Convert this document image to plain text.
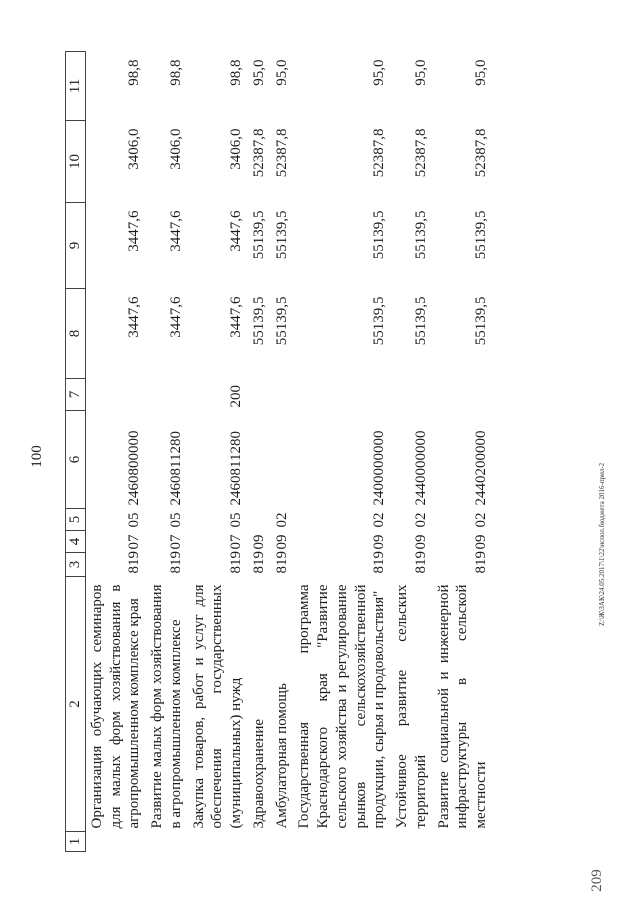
100
1	2	3	4	5	6	7	8	9	10	11
	Организация обучающих семинаров для малых форм хозяйствования в агропромышленном комплексе края	819	07	05	2460800000		3447,6	3447,6	3406,0	98,8
	Развитие малых форм хозяйствования в агропромышленном комплексе	819	07	05	2460811280		3447,6	3447,6	3406,0	98,8
	Закупка товаров, работ и услуг для обеспечения государственных (муниципальных) нужд	819	07	05	2460811280	200	3447,6	3447,6	3406,0	98,8
	Здравоохранение	819	09				55139,5	55139,5	52387,8	95,0
	Амбулаторная помощь	819	09	02			55139,5	55139,5	52387,8	95,0
	Государственная программа Краснодарского края "Развитие сельского хозяйства и регулирование рынков сельскохозяйственной продукции, сырья и продовольствия"	819	09	02	2400000000		55139,5	55139,5	52387,8	95,0
	Устойчивое развитие сельских территорий	819	09	02	2440000000		55139,5	55139,5	52387,8	95,0
	Развитие социальной и инженерной инфраструктуры в сельской местности	819	09	02	2440200000		55139,5	55139,5	52387,8	95,0
Z:\Ж\ЗАК\24.05.2017\1\22\испол.бюджета 2016-прил-2
209
